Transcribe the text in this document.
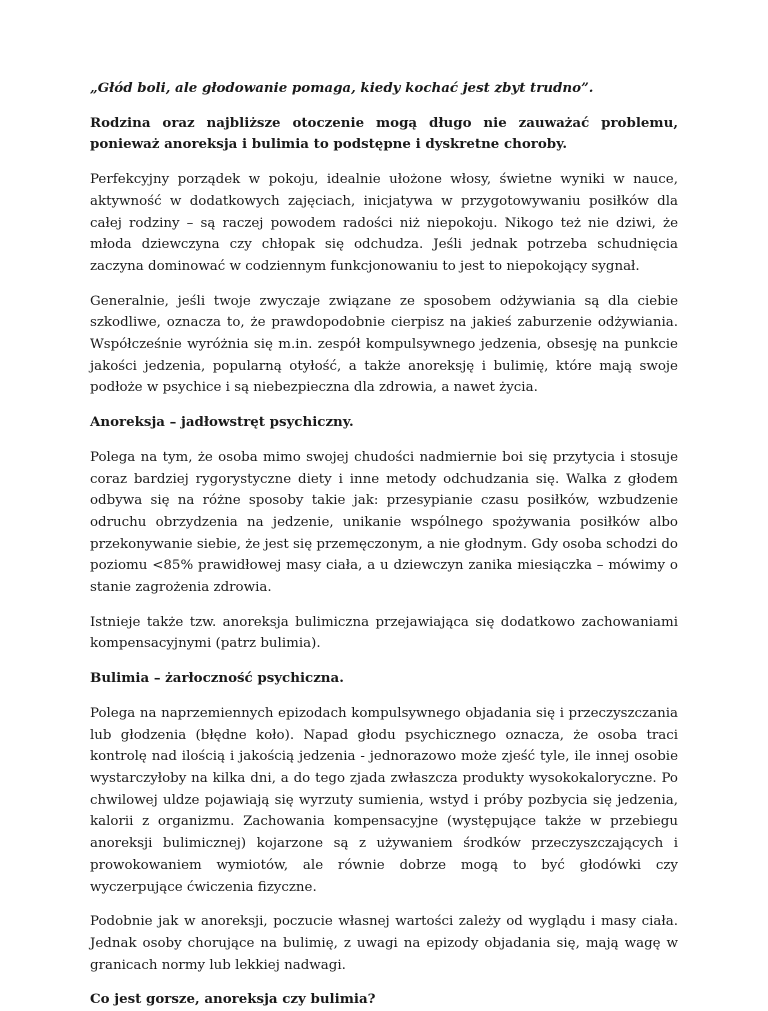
„Głód boli, ale głodowanie pomaga, kiedy kochać jest zbyt trudno”.

Rodzina oraz najbliższe otoczenie mogą długo nie zauważać problemu, ponieważ anoreksja i bulimia to podstępne i dyskretne choroby.

Perfekcyjny porządek w pokoju, idealnie ułożone włosy, świetne wyniki w nauce, aktywność w dodatkowych zajęciach, inicjatywa w przygotowywaniu posiłków dla całej rodziny – są raczej powodem radości niż niepokoju. Nikogo też nie dziwi, że młoda dziewczyna czy chłopak się odchudza. Jeśli jednak potrzeba schudnięcia zaczyna dominować w codziennym funkcjonowaniu to jest to niepokojący sygnał.

Generalnie, jeśli twoje zwyczaje związane ze sposobem odżywiania są dla ciebie szkodliwe, oznacza to, że prawdopodobnie cierpisz na jakieś zaburzenie odżywiania. Współcześnie wyróżnia się m.in. zespół kompulsywnego jedzenia, obsesję na punkcie jakości jedzenia, popularną otyłość, a także anoreksję i bulimię, które mają swoje podłoże w psychice i są niebezpieczna dla zdrowia, a nawet życia.

Anoreksja – jadłowstręt psychiczny.

Polega na tym, że osoba mimo swojej chudości nadmiernie boi się przytycia i stosuje coraz bardziej rygorystyczne diety i inne metody odchudzania się. Walka z głodem odbywa się na różne sposoby takie jak: przesypianie czasu posiłków, wzbudzenie odruchu obrzydzenia na jedzenie, unikanie wspólnego spożywania posiłków albo przekonywanie siebie, że jest się przemęczonym, a nie głodnym. Gdy osoba schodzi do poziomu <85% prawidłowej masy ciała, a u dziewczyn zanika miesiączka – mówimy o stanie zagrożenia zdrowia.

Istnieje także tzw. anoreksja bulimiczna przejawiająca się dodatkowo zachowaniami kompensacyjnymi (patrz bulimia).

Bulimia – żarłoczność psychiczna.

Polega na naprzemiennych epizodach kompulsywnego objadania się i przeczyszczania lub głodzenia (błędne koło). Napad głodu psychicznego oznacza, że osoba traci kontrolę nad ilością i jakością jedzenia - jednorazowo może zjeść tyle, ile innej osobie wystarczyłoby na kilka dni, a do tego zjada zwłaszcza produkty wysokokaloryczne. Po chwilowej uldze pojawiają się wyrzuty sumienia, wstyd i próby pozbycia się jedzenia, kalorii z organizmu. Zachowania kompensacyjne (występujące także w przebiegu anoreksji bulimicznej) kojarzone są z używaniem środków przeczyszczających i prowokowaniem wymiotów, ale równie dobrze mogą to być głodówki czy wyczerpujące ćwiczenia fizyczne.

Podobnie jak w anoreksji, poczucie własnej wartości zależy od wyglądu i masy ciała. Jednak osoby chorujące na bulimię, z uwagi na epizody objadania się, mają wagę w granicach normy lub lekkiej nadwagi.

Co jest gorsze, anoreksja czy bulimia?
